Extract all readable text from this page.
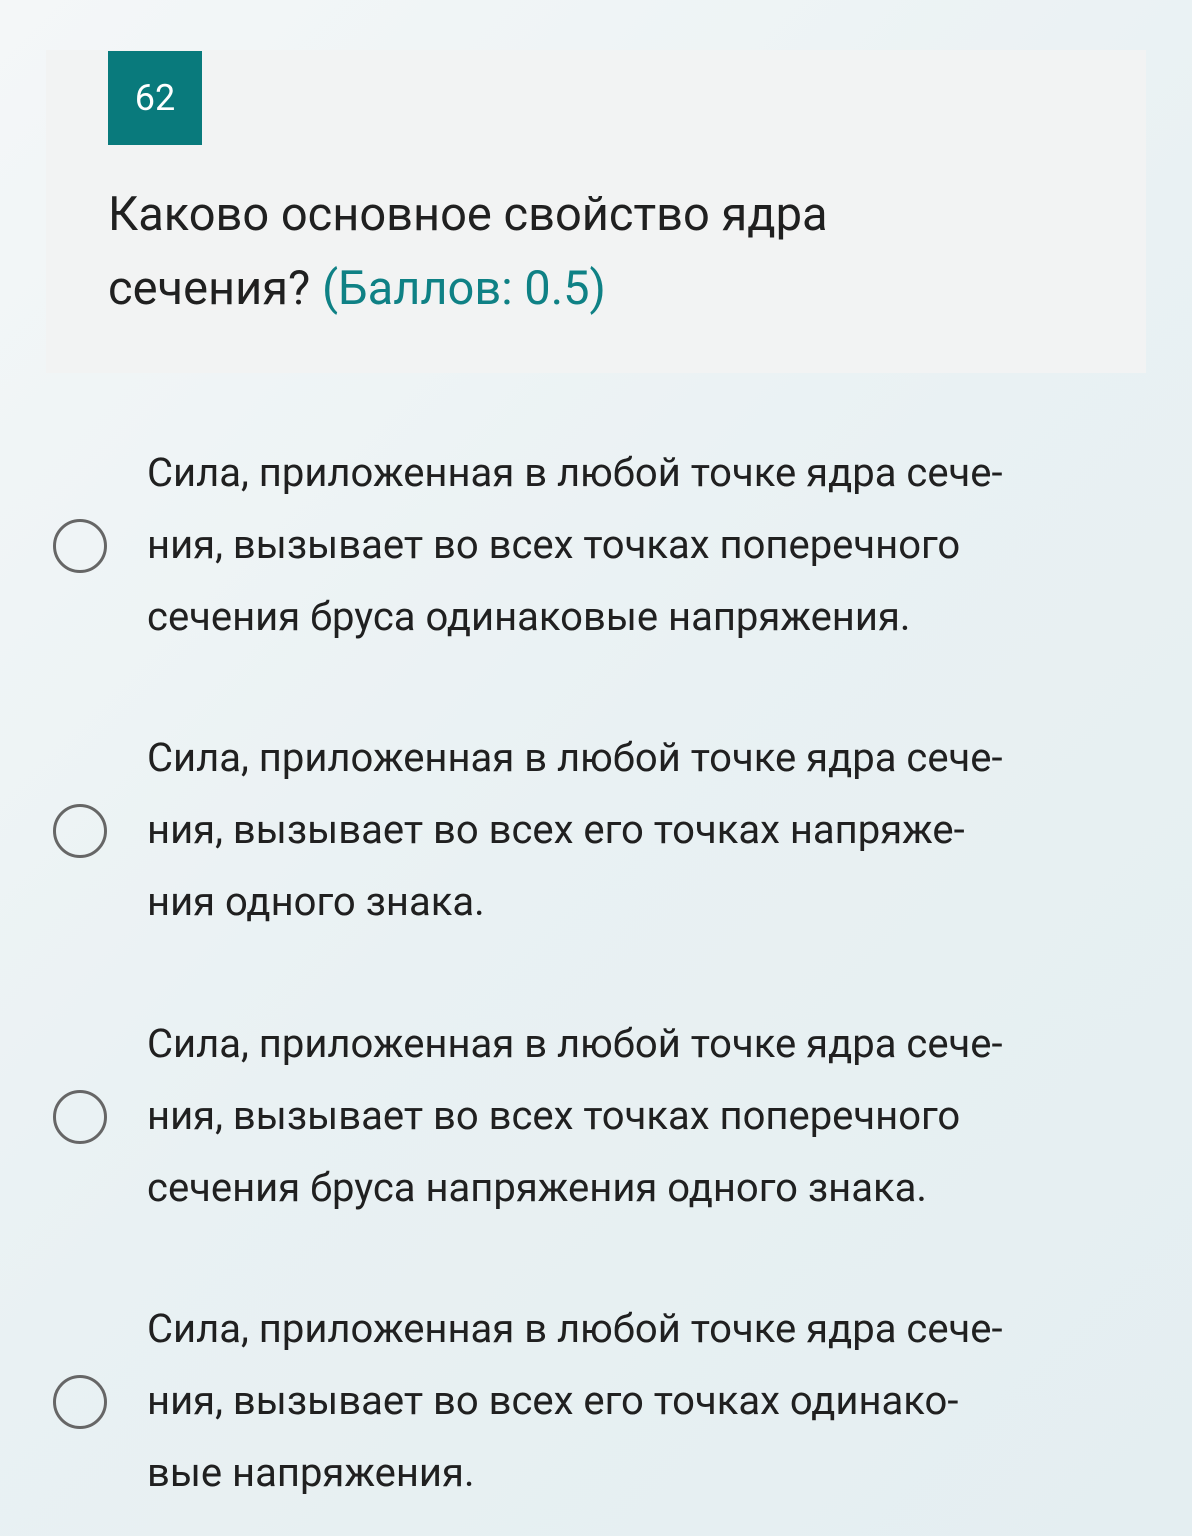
62
Каково основное свойство ядра
сечения? (Баллов: 0.5)
Сила, приложенная в любой точке ядра сече-
ния, вызывает во всех точках поперечного
сечения бруса одинаковые напряжения.
Сила, приложенная в любой точке ядра сече-
ния, вызывает во всех его точках напряже-
ния одного знака.
Сила, приложенная в любой точке ядра сече-
ния, вызывает во всех точках поперечного
сечения бруса напряжения одного знака.
Сила, приложенная в любой точке ядра сече-
ния, вызывает во всех его точках одинако-
вые напряжения.
